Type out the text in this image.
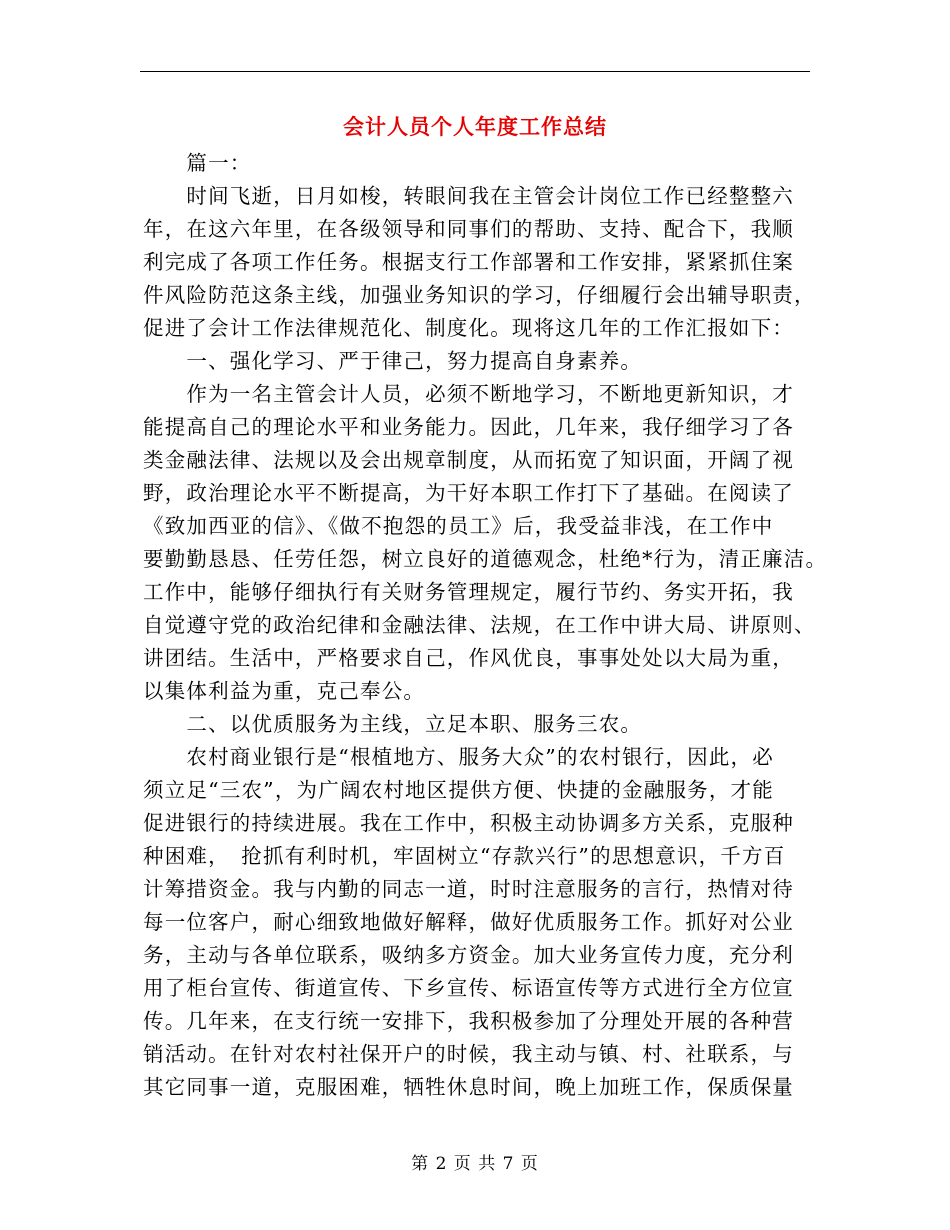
会计人员个人年度工作总结
　　篇一：
　　时间飞逝，日月如梭，转眼间我在主管会计岗位工作已经整整六
年，在这六年里，在各级领导和同事们的帮助、支持、配合下，我顺
利完成了各项工作任务。根据支行工作部署和工作安排，紧紧抓住案
件风险防范这条主线，加强业务知识的学习，仔细履行会出辅导职责，
促进了会计工作法律规范化、制度化。现将这几年的工作汇报如下：
　　一、强化学习、严于律己，努力提高自身素养。
　　作为一名主管会计人员，必须不断地学习，不断地更新知识，才
能提高自己的理论水平和业务能力。因此，几年来，我仔细学习了各
类金融法律、法规以及会出规章制度，从而拓宽了知识面，开阔了视
野，政治理论水平不断提高，为干好本职工作打下了基础。在阅读了
《致加西亚的信》、《做不抱怨的员工》后，我受益非浅，在工作中
要勤勤恳恳、任劳任怨，树立良好的道德观念，杜绝*行为，清正廉洁。
工作中，能够仔细执行有关财务管理规定，履行节约、务实开拓，我
自觉遵守党的政治纪律和金融法律、法规，在工作中讲大局、讲原则、
讲团结。生活中，严格要求自己，作风优良，事事处处以大局为重，
以集体利益为重，克己奉公。
　　二、以优质服务为主线，立足本职、服务三农。
　　农村商业银行是“根植地方、服务大众”的农村银行，因此，必
须立足“三农”，为广阔农村地区提供方便、快捷的金融服务，才能
促进银行的持续进展。我在工作中，积极主动协调多方关系，克服种
种困难，　抢抓有利时机，牢固树立“存款兴行”的思想意识，千方百
计筹措资金。我与内勤的同志一道，时时注意服务的言行，热情对待
每一位客户，耐心细致地做好解释，做好优质服务工作。抓好对公业
务，主动与各单位联系，吸纳多方资金。加大业务宣传力度，充分利
用了柜台宣传、街道宣传、下乡宣传、标语宣传等方式进行全方位宣
传。几年来，在支行统一安排下，我积极参加了分理处开展的各种营
销活动。在针对农村社保开户的时候，我主动与镇、村、社联系，与
其它同事一道，克服困难，牺牲休息时间，晚上加班工作，保质保量
第 2 页 共 7 页
